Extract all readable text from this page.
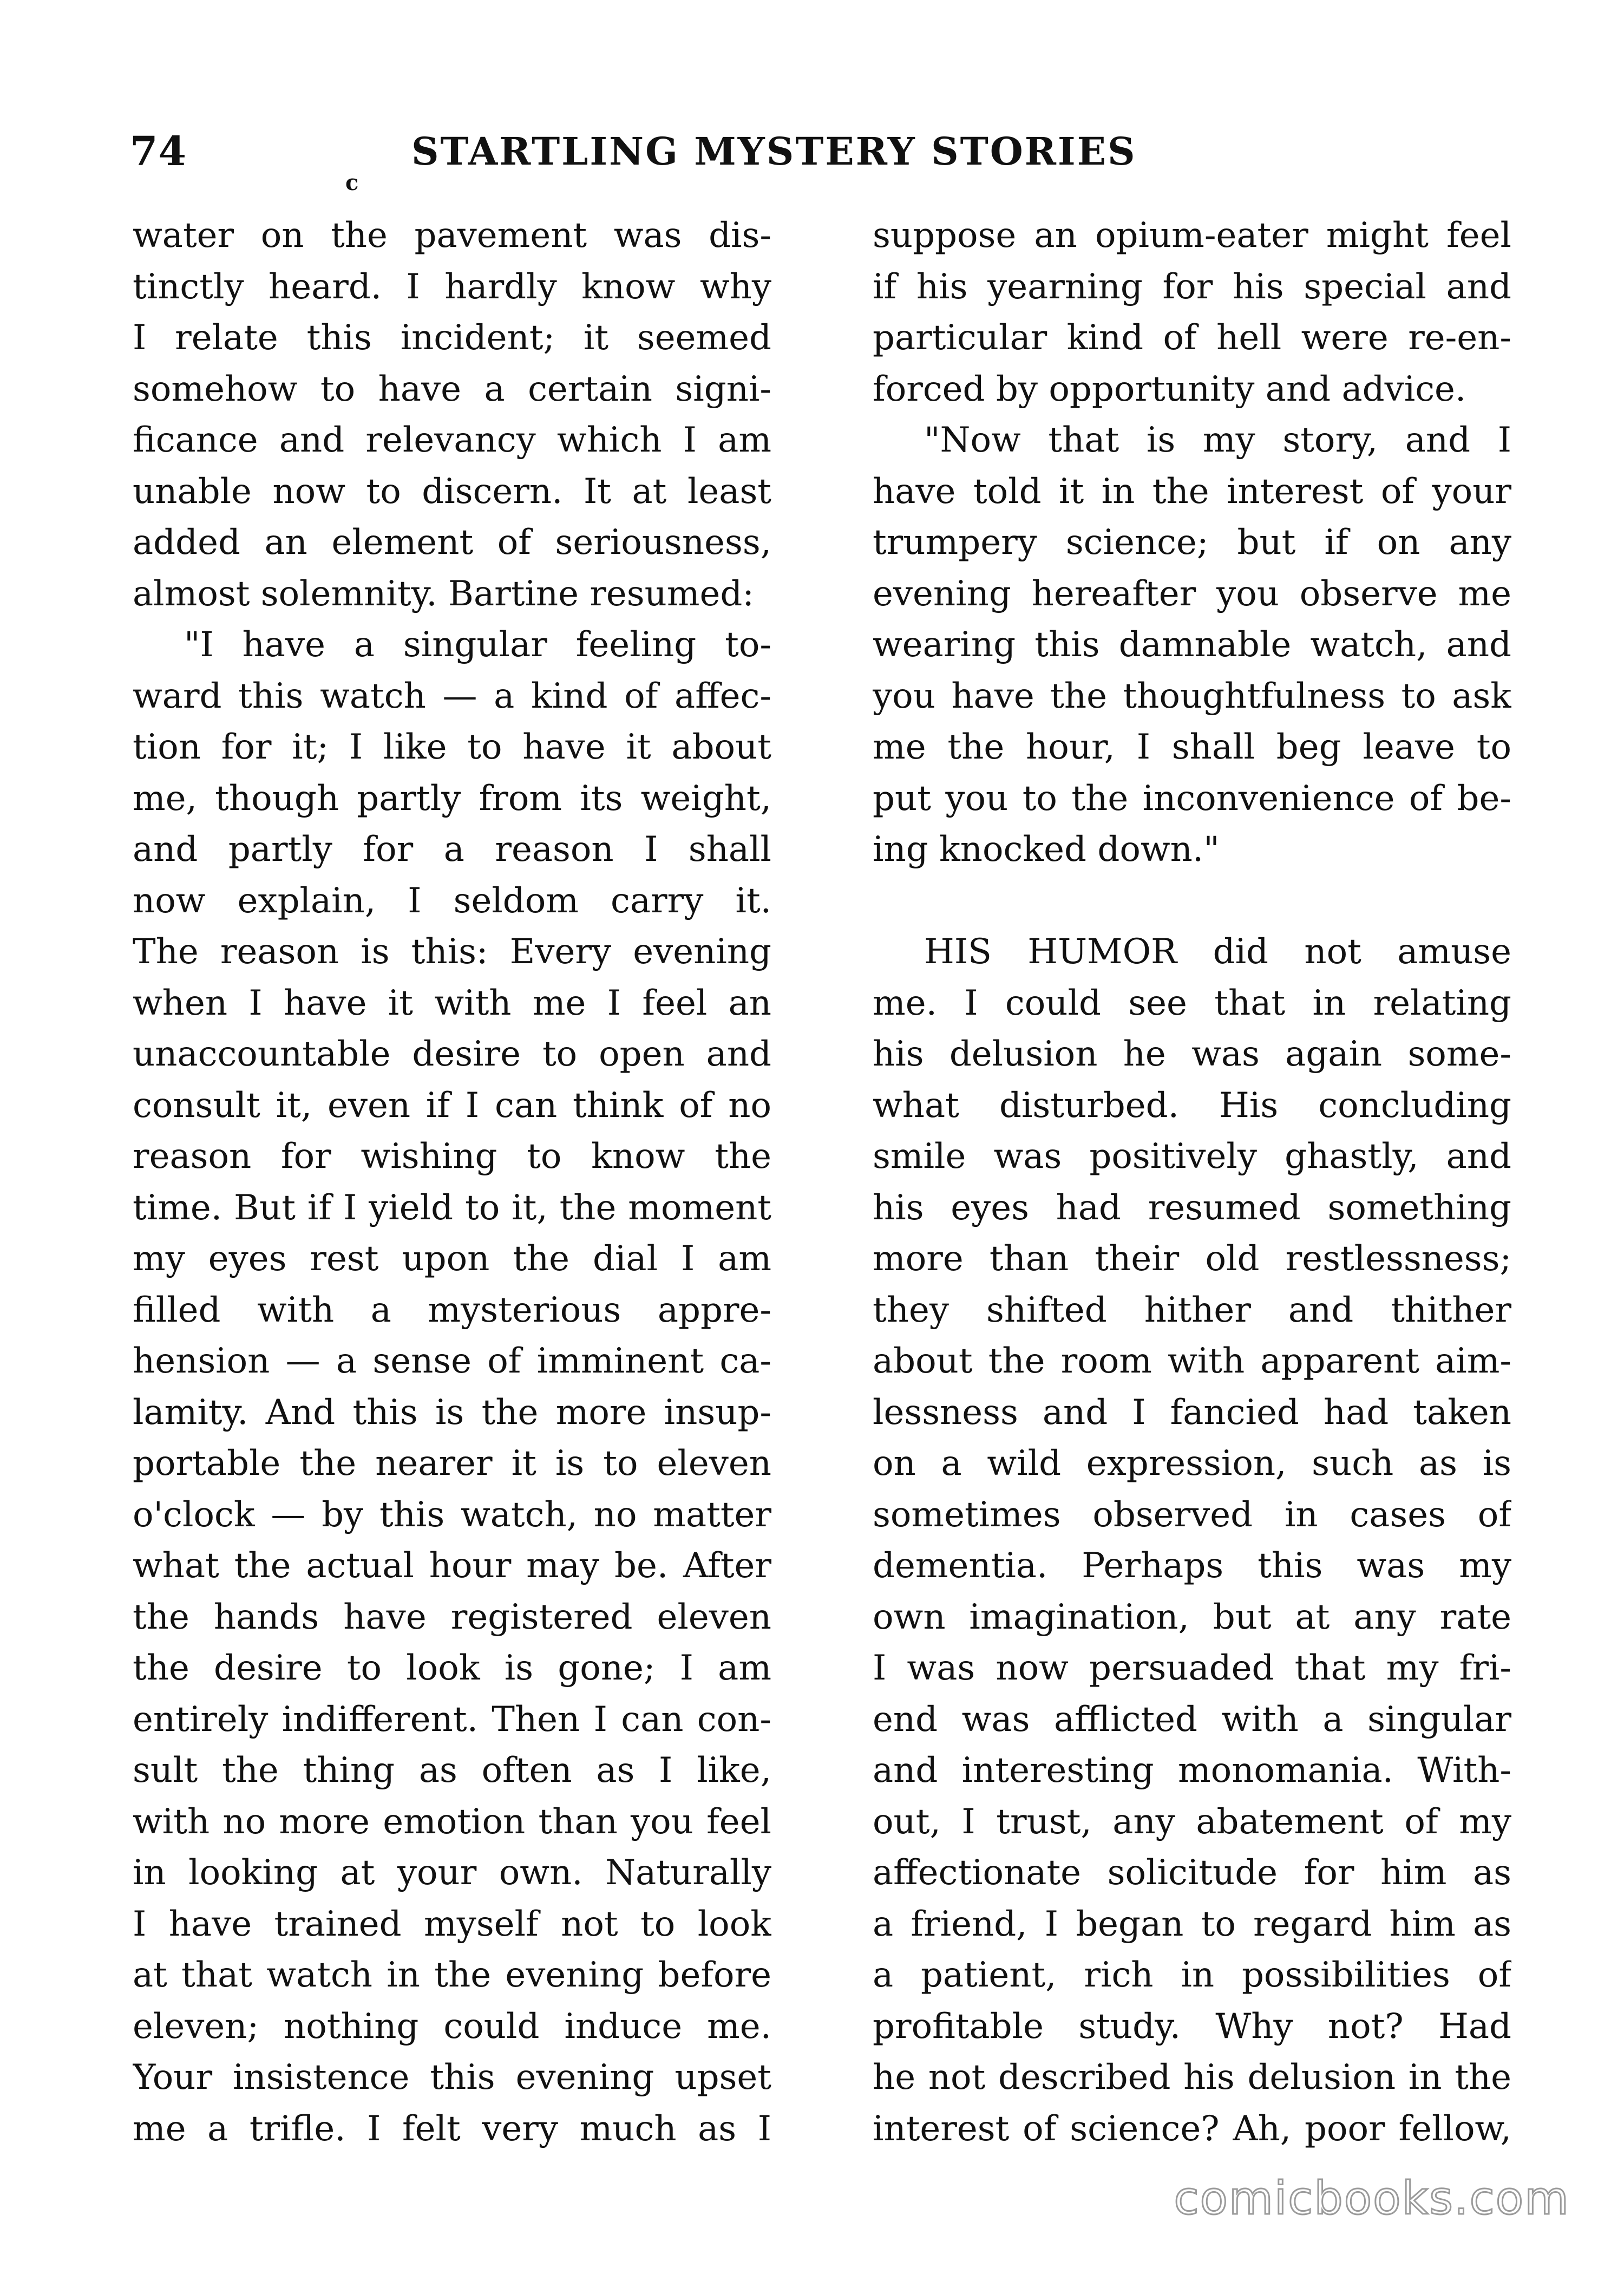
74	STARTLING MYSTERY STORIES
c
water on the pavement was dis-
tinctly heard. I hardly know why
I relate this incident; it seemed
somehow to have a certain signi-
ficance and relevancy which I am
unable now to discern. It at least
added an element of seriousness,
almost solemnity. Bartine resumed:
"I have a singular feeling to-
ward this watch — a kind of affec-
tion for it; I like to have it about
me, though partly from its weight,
and partly for a reason I shall
now explain, I seldom carry it.
The reason is this: Every evening
when I have it with me I feel an
unaccountable desire to open and
consult it, even if I can think of no
reason for wishing to know the
time. But if I yield to it, the moment
my eyes rest upon the dial I am
filled with a mysterious appre-
hension — a sense of imminent ca-
lamity. And this is the more insup-
portable the nearer it is to eleven
o'clock — by this watch, no matter
what the actual hour may be. After
the hands have registered eleven
the desire to look is gone; I am
entirely indifferent. Then I can con-
sult the thing as often as I like,
with no more emotion than you feel
in looking at your own. Naturally
I have trained myself not to look
at that watch in the evening before
eleven; nothing could induce me.
Your insistence this evening upset
me a trifle. I felt very much as I
suppose an opium-eater might feel
if his yearning for his special and
particular kind of hell were re-en-
forced by opportunity and advice.
"Now that is my story, and I
have told it in the interest of your
trumpery science; but if on any
evening hereafter you observe me
wearing this damnable watch, and
you have the thoughtfulness to ask
me the hour, I shall beg leave to
put you to the inconvenience of be-
ing knocked down."
HIS HUMOR did not amuse
me. I could see that in relating
his delusion he was again some-
what disturbed. His concluding
smile was positively ghastly, and
his eyes had resumed something
more than their old restlessness;
they shifted hither and thither
about the room with apparent aim-
lessness and I fancied had taken
on a wild expression, such as is
sometimes observed in cases of
dementia. Perhaps this was my
own imagination, but at any rate
I was now persuaded that my fri-
end was afflicted with a singular
and interesting monomania. With-
out, I trust, any abatement of my
affectionate solicitude for him as
a friend, I began to regard him as
a patient, rich in possibilities of
profitable study. Why not? Had
he not described his delusion in the
interest of science? Ah, poor fellow,
comicbooks.com
